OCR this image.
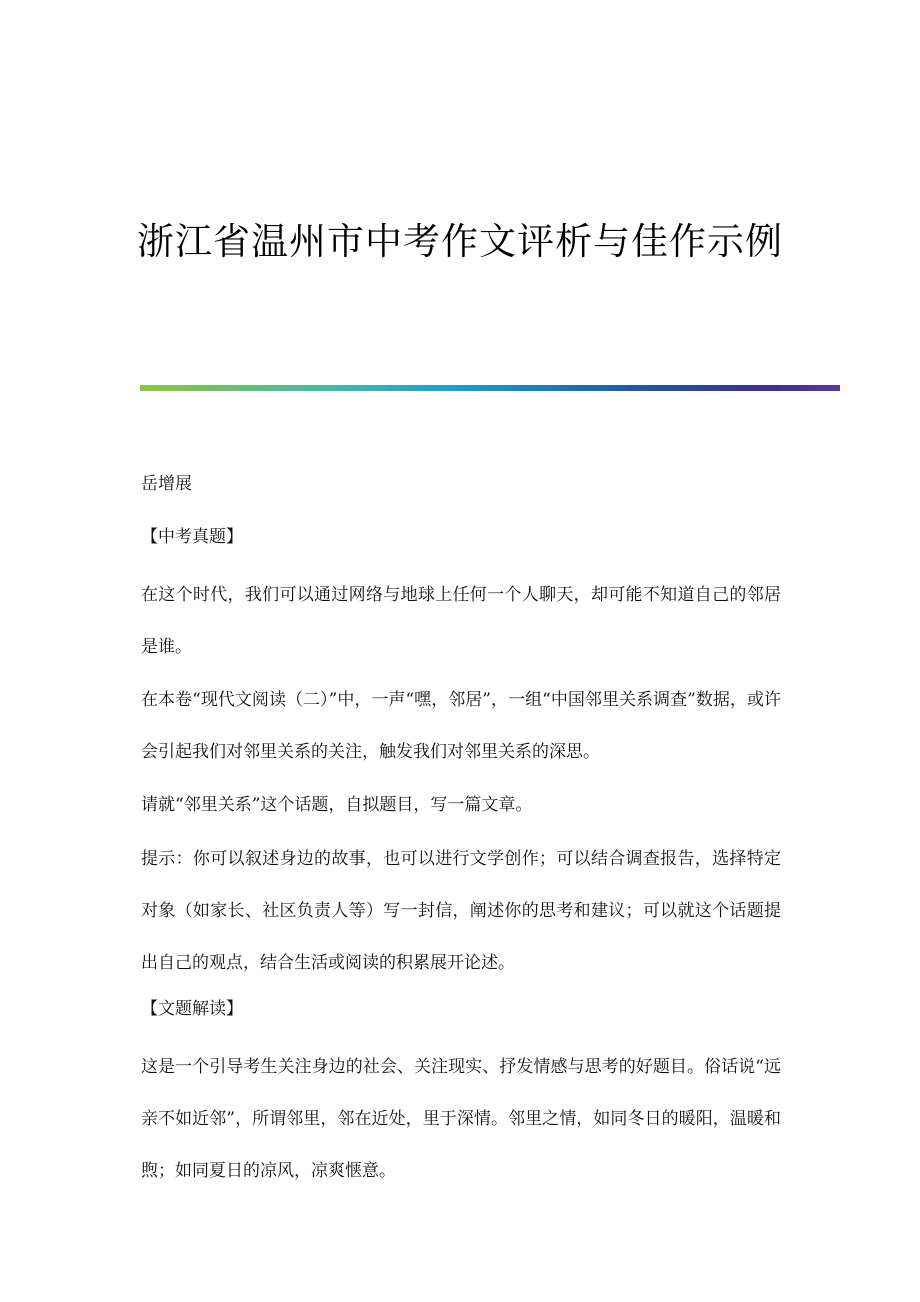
浙江省温州市中考作文评析与佳作示例

岳增展

【中考真题】

在这个时代，我们可以通过网络与地球上任何一个人聊天，却可能不知道自己的邻居是谁。

在本卷“现代文阅读（二）”中，一声“嘿，邻居”，一组“中国邻里关系调查”数据，或许会引起我们对邻里关系的关注，触发我们对邻里关系的深思。

请就“邻里关系”这个话题，自拟题目，写一篇文章。

提示：你可以叙述身边的故事，也可以进行文学创作；可以结合调查报告，选择特定对象（如家长、社区负责人等）写一封信，阐述你的思考和建议；可以就这个话题提出自己的观点，结合生活或阅读的积累展开论述。

【文题解读】

这是一个引导考生关注身边的社会、关注现实、抒发情感与思考的好题目。俗话说“远亲不如近邻”，所谓邻里，邻在近处，里于深情。邻里之情，如同冬日的暖阳，温暖和煦；如同夏日的凉风，凉爽惬意。
